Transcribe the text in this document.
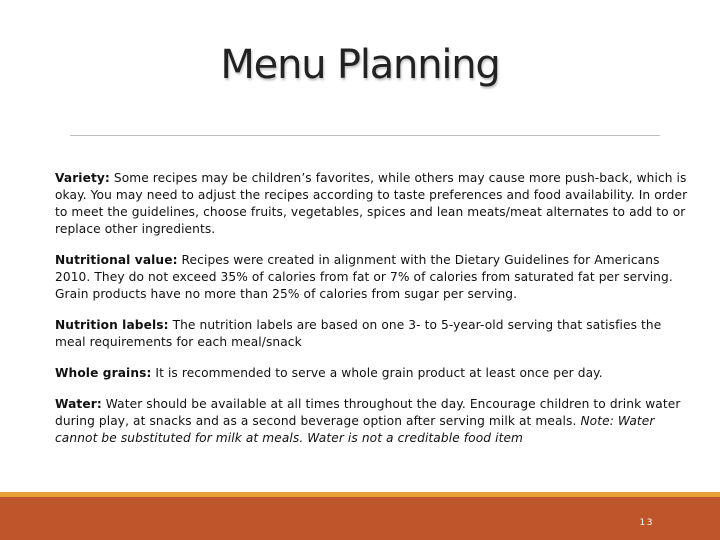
Menu Planning

Variety: Some recipes may be children’s favorites, while others may cause more push-back, which is okay. You may need to adjust the recipes according to taste preferences and food availability. In order to meet the guidelines, choose fruits, vegetables, spices and lean meats/meat alternates to add to or replace other ingredients.

Nutritional value: Recipes were created in alignment with the Dietary Guidelines for Americans 2010. They do not exceed 35% of calories from fat or 7% of calories from saturated fat per serving. Grain products have no more than 25% of calories from sugar per serving.

Nutrition labels: The nutrition labels are based on one 3- to 5-year-old serving that satisfies the meal requirements for each meal/snack

Whole grains: It is recommended to serve a whole grain product at least once per day.

Water: Water should be available at all times throughout the day. Encourage children to drink water during play, at snacks and as a second beverage option after serving milk at meals. Note: Water cannot be substituted for milk at meals. Water is not a creditable food item

13
